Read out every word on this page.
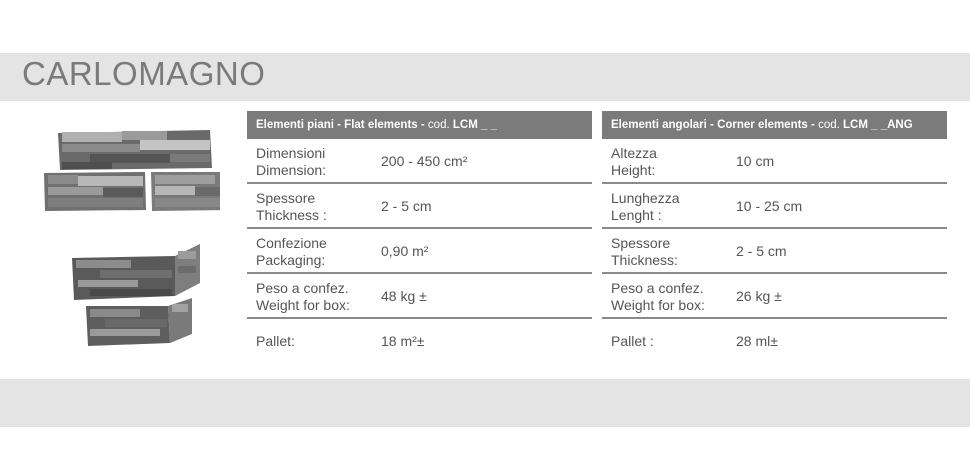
CARLOMAGNO
Elementi piani - Flat elements - cod. LCM _ _
Dimensioni
Dimension:
200 - 450 cm²
Spessore
Thickness :
2 - 5 cm
Confezione
Packaging:
0,90 m²
Peso a confez.
Weight for box:
48 kg ±
Pallet:	18 m²±
Elementi angolari - Corner elements - cod. LCM _ _ANG
Altezza
Height:
10 cm
Lunghezza
Lenght :
10 - 25 cm
Spessore
Thickness:
2 - 5 cm
Peso a confez.
Weight for box:
26 kg ±
Pallet :	28 ml±
